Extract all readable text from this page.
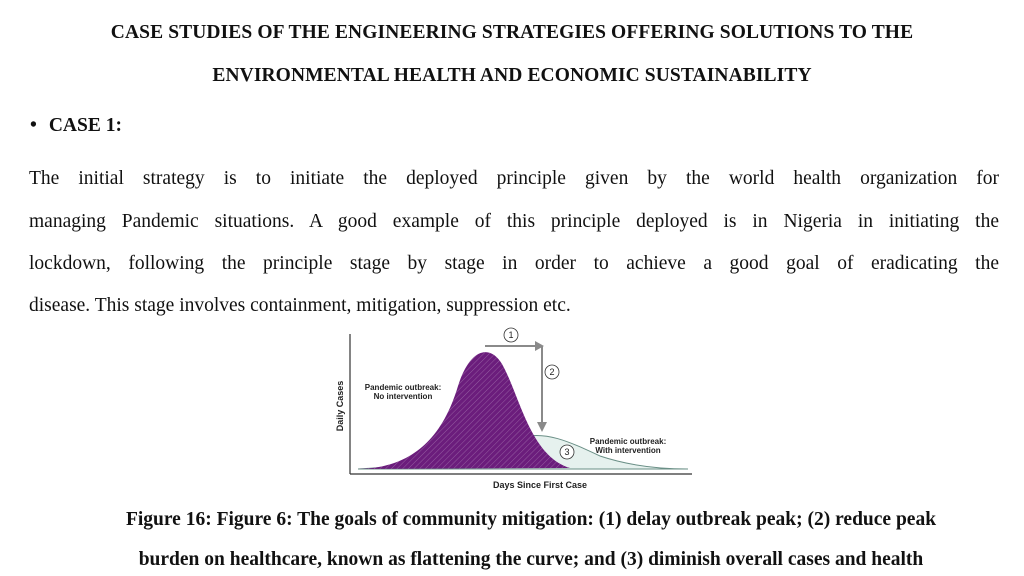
CASE STUDIES OF THE ENGINEERING STRATEGIES OFFERING SOLUTIONS TO THE
ENVIRONMENTAL HEALTH AND ECONOMIC SUSTAINABILITY
• CASE 1:
The initial strategy is to initiate the deployed principle given by the world health organization for
managing Pandemic situations. A good example of this principle deployed is in Nigeria in initiating the
lockdown, following the principle stage by stage in order to achieve a good goal of eradicating the
disease. This stage involves containment, mitigation, suppression etc.
1
2
3
Pandemic outbreak:
No intervention
Pandemic outbreak:
With intervention
Days Since First Case
Daily Cases
Figure 16: Figure 6: The goals of community mitigation: (1) delay outbreak peak; (2) reduce peak
burden on healthcare, known as flattening the curve; and (3) diminish overall cases and health
